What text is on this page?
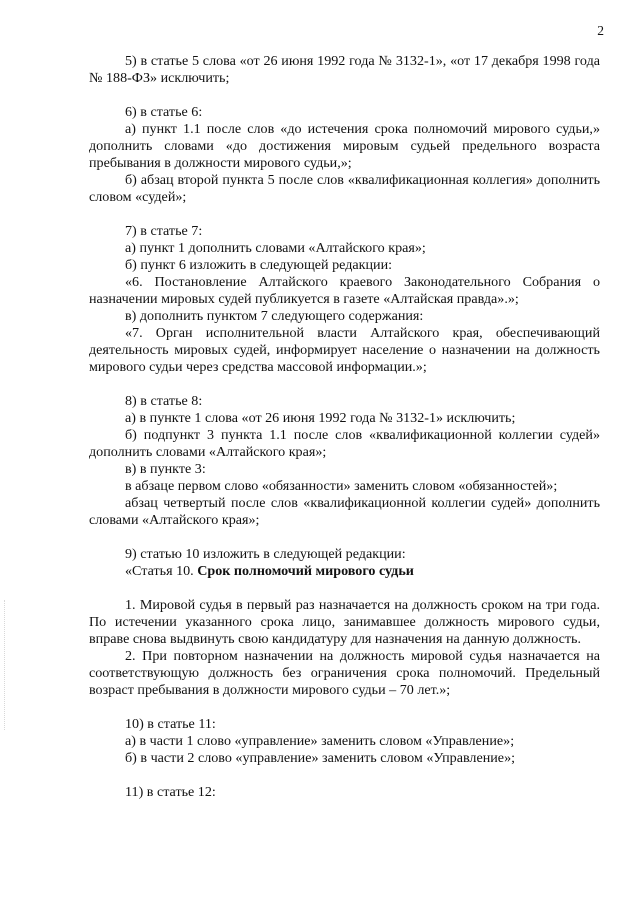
2

5) в статье 5 слова «от 26 июня 1992 года № 3132-1», «от 17 декабря 1998 года № 188-ФЗ» исключить;

6) в статье 6:

а) пункт 1.1 после слов «до истечения срока полномочий мирового судьи,» дополнить словами «до достижения мировым судьей предельного возраста пребывания в должности мирового судьи,»;

б) абзац второй пункта 5 после слов «квалификационная коллегия» дополнить словом «судей»;

7) в статье 7:

а) пункт 1 дополнить словами «Алтайского края»;

б) пункт 6 изложить в следующей редакции:

«6. Постановление Алтайского краевого Законодательного Собрания о назначении мировых судей публикуется в газете «Алтайская правда».»;

в) дополнить пунктом 7 следующего содержания:

«7. Орган исполнительной власти Алтайского края, обеспечивающий деятельность мировых судей, информирует население о назначении на должность мирового судьи через средства массовой информации.»;

8) в статье 8:

а) в пункте 1 слова «от 26 июня 1992 года № 3132-1» исключить;

б) подпункт 3 пункта 1.1 после слов «квалификационной коллегии судей» дополнить словами «Алтайского края»;

в) в пункте 3:

в абзаце первом слово «обязанности» заменить словом «обязанностей»;

абзац четвертый после слов «квалификационной коллегии судей» дополнить словами «Алтайского края»;

9) статью 10 изложить в следующей редакции:

«Статья 10. Срок полномочий мирового судьи

1. Мировой судья в первый раз назначается на должность сроком на три года. По истечении указанного срока лицо, занимавшее должность мирового судьи, вправе снова выдвинуть свою кандидатуру для назначения на данную должность.

2. При повторном назначении на должность мировой судья назначается на соответствующую должность без ограничения срока полномочий. Предельный возраст пребывания в должности мирового судьи – 70 лет.»;

10) в статье 11:

а) в части 1 слово «управление» заменить словом «Управление»;

б) в части 2 слово «управление» заменить словом «Управление»;

11) в статье 12:
